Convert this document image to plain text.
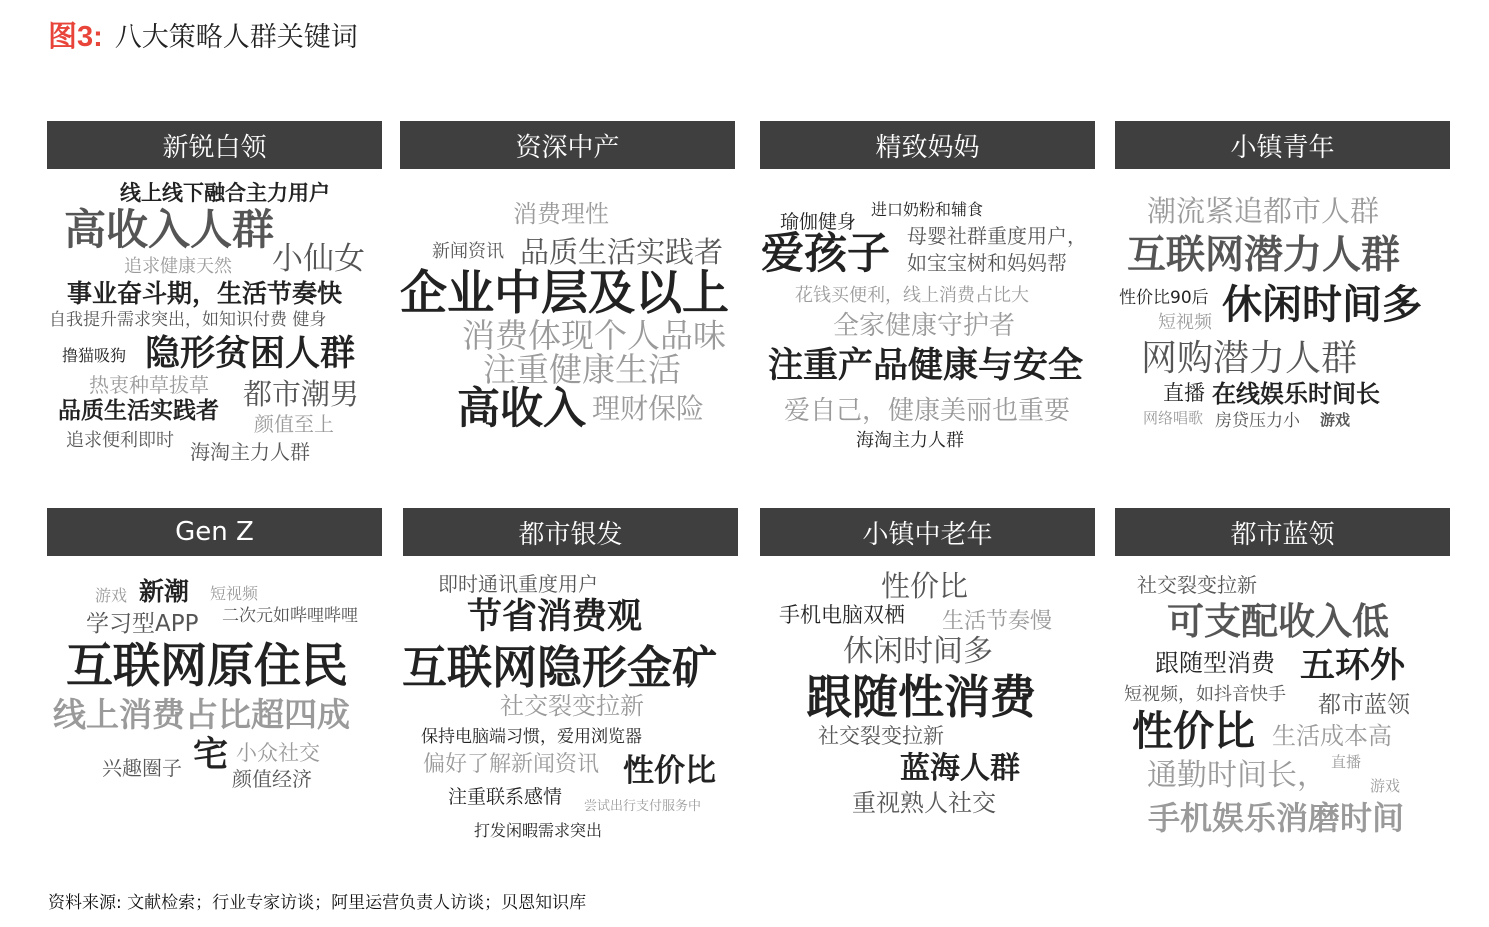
图3: 八大策略人群关键词
新锐白领	资深中产	精致妈妈	小镇青年
Gen Z	都市银发	小镇中老年	都市蓝领
线上线下融合主力用户
高收入人群
小仙女
追求健康天然
事业奋斗期，生活节奏快
自我提升需求突出，如知识付费 健身
撸猫吸狗 隐形贫困人群
热衷种草拔草 都市潮男
品质生活实践者 颜值至上
追求便利即时 海淘主力人群
消费理性
新闻资讯 品质生活实践者
企业中层及以上
消费体现个人品味
注重健康生活
高收入 理财保险
进口奶粉和辅食
瑜伽健身
母婴社群重度用户，
爱孩子 如宝宝树和妈妈帮
花钱买便利，线上消费占比大
全家健康守护者
注重产品健康与安全
爱自己，健康美丽也重要
海淘主力人群
潮流紧追都市人群
互联网潜力人群
性价比90后 休闲时间多
短视频
网购潜力人群
直播 在线娱乐时间长
网络唱歌 房贷压力小 游戏
游戏 新潮 短视频
学习型APP 二次元如哔哩哔哩
互联网原住民
线上消费占比超四成
兴趣圈子 宅 小众社交
颜值经济
即时通讯重度用户
节省消费观
互联网隐形金矿
社交裂变拉新
保持电脑端习惯，爱用浏览器
偏好了解新闻资讯 性价比
注重联系感情 尝试出行支付服务中
打发闲暇需求突出
性价比
手机电脑双栖 生活节奏慢
休闲时间多
跟随性消费
社交裂变拉新
蓝海人群
重视熟人社交
社交裂变拉新
可支配收入低
跟随型消费 五环外
短视频，如抖音快手 都市蓝领
性价比 生活成本高
通勤时间长， 直播
游戏
手机娱乐消磨时间
资料来源: 文献检索；行业专家访谈；阿里运营负责人访谈；贝恩知识库
